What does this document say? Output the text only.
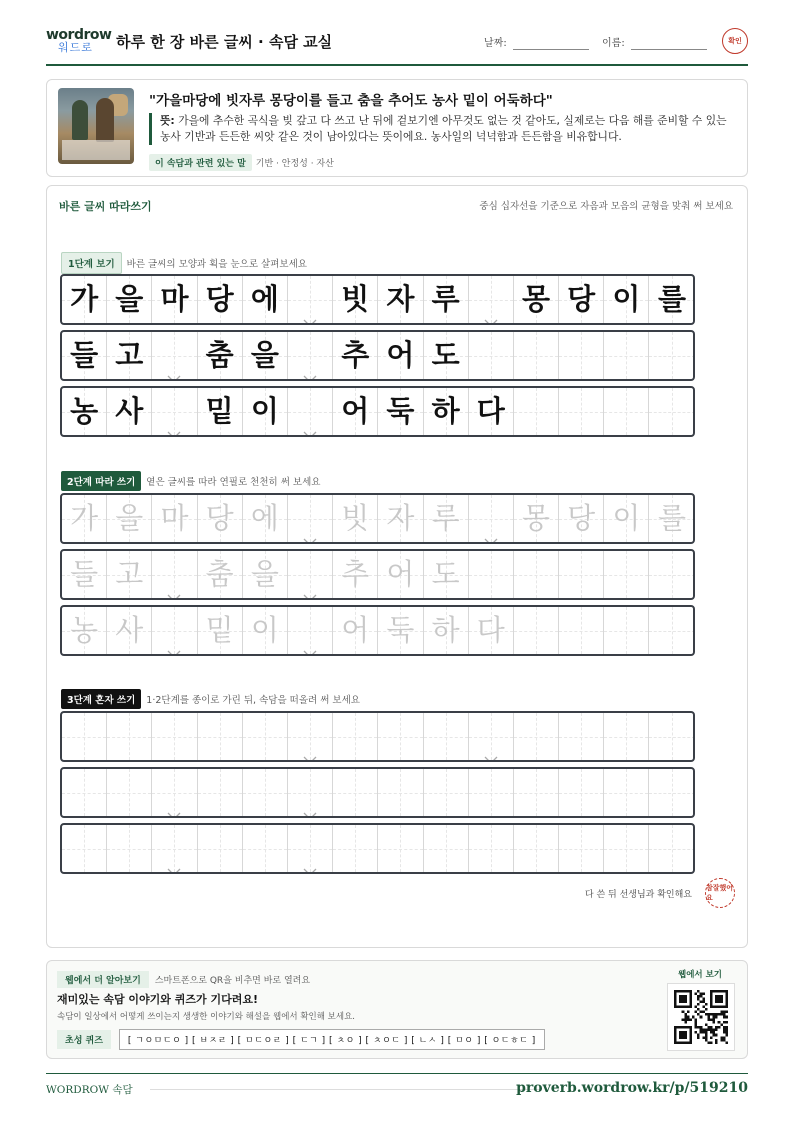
wordrow
워드로	하루 한 장 바른 글씨 · 속담 교실	날짜:	이름:	확인
"가을마당에 빗자루 몽당이를 들고 춤을 추어도 농사 밑이 어둑하다"
뜻: 가을에 추수한 곡식을 빚 갚고 다 쓰고 난 뒤에 겉보기엔 아무것도 없는 것 같아도, 실제로는 다음 해를 준비할 수 있는 농사 기반과 든든한 씨앗 같은 것이 남아있다는 뜻이에요. 농사일의 넉넉함과 든든함을 비유합니다.
이 속담과 관련 있는 말 기반 · 안정성 · 자산
바른 글씨 따라쓰기	중심 십자선을 기준으로 자음과 모음의 균형을 맞춰 써 보세요
1단계 보기 바른 글씨의 모양과 획을 눈으로 살펴보세요
2단계 따라 쓰기 옅은 글씨를 따라 연필로 천천히 써 보세요
3단계 혼자 쓰기 1·2단계를 종이로 가린 뒤, 속담을 떠올려 써 보세요
다 쓴 뒤 선생님과 확인해요
참잘했어요
가 을 마 당 에 빗 자 루 몽 당 이 를
들 고 춤 을 추 어 도
농 사 밑 이 어 둑 하 다
가 을 마 당 에 빗 자 루 몽 당 이 를
들 고 춤 을 추 어 도
농 사 밑 이 어 둑 하 다
웹에서 더 알아보기 스마트폰으로 QR을 비추면 바로 열려요
재미있는 속담 이야기와 퀴즈가 기다려요!
속담이 일상에서 어떻게 쓰이는지 생생한 이야기와 해설을 웹에서 확인해 보세요.
초성 퀴즈	[ ㄱㅇㅁㄷㅇ ] [ ㅂㅈㄹ ] [ ㅁㄷㅇㄹ ] [ ㄷㄱ ] [ ㅊㅇ ] [ ㅊㅇㄷ ] [ ㄴㅅ ] [ ㅁㅇ ] [ ㅇㄷㅎㄷ ]
웹에서 보기
WORDROW 속담	proverb.wordrow.kr/p/519210
